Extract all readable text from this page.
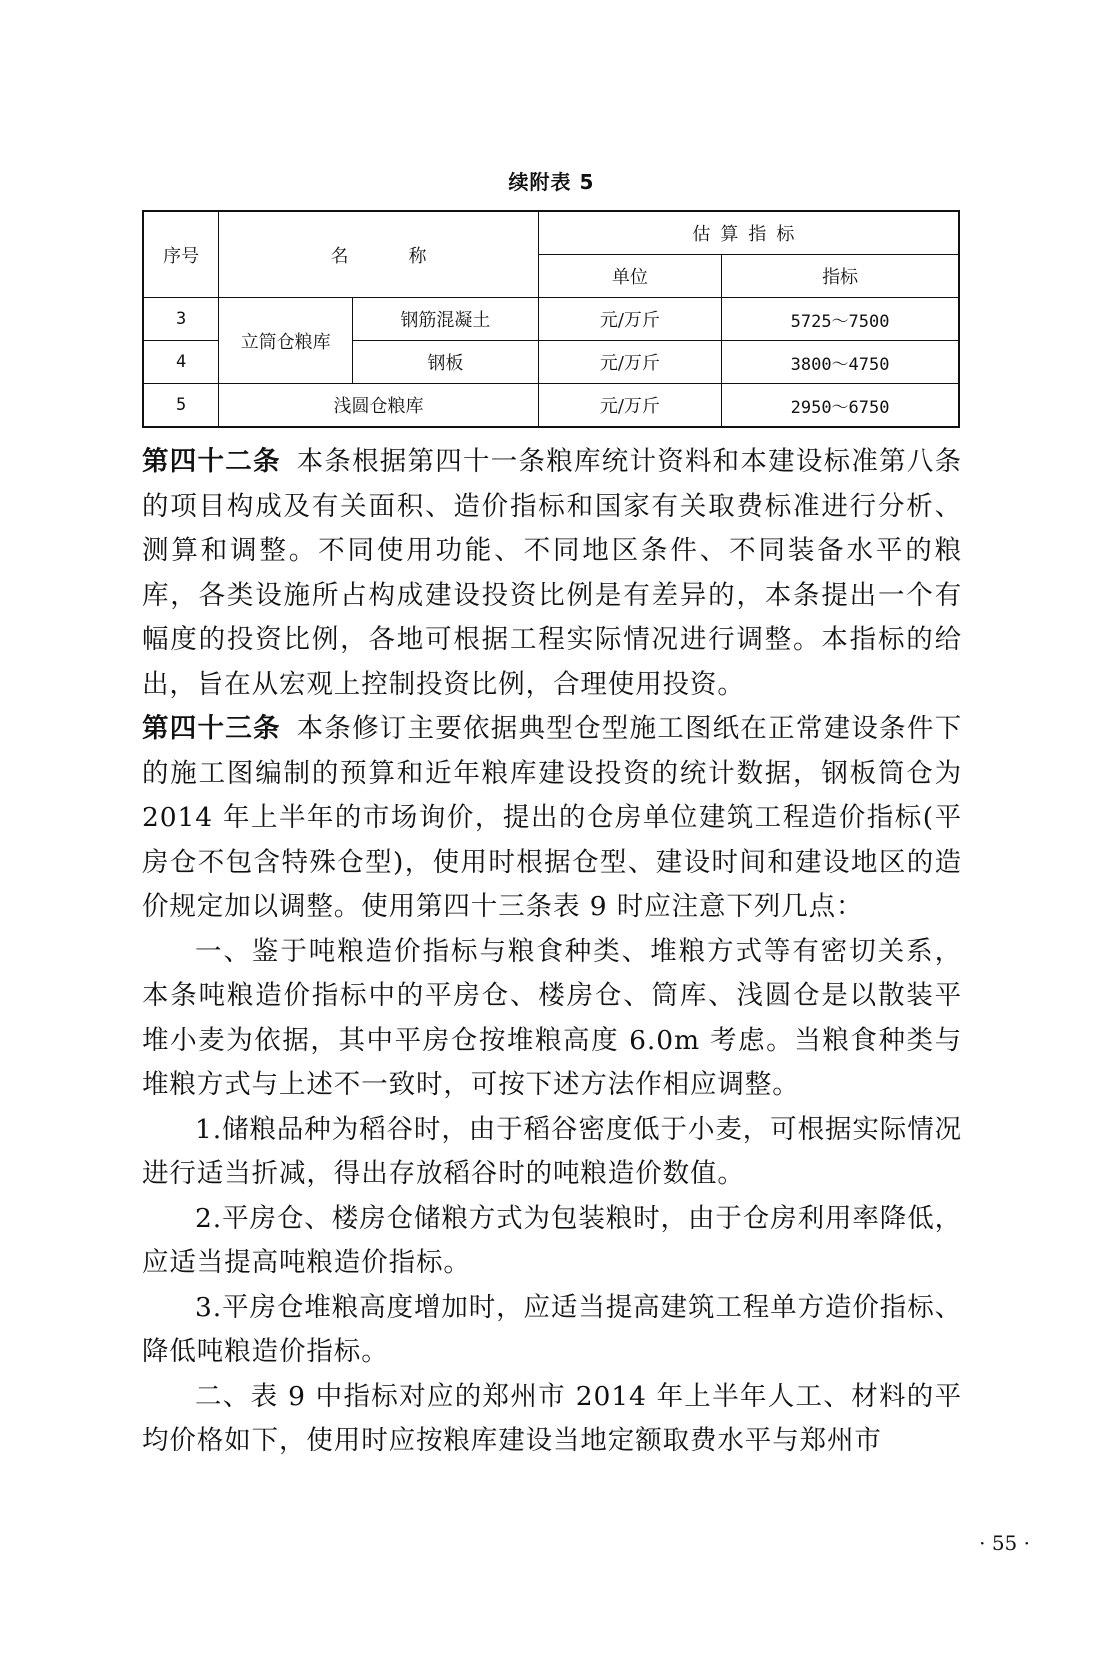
续附表 5
序号	名称		估算指标	
			单位	指标
3	立筒仓粮库	钢筋混凝土	元/万斤	5725～7500
4		钢板	元/万斤	3800～4750
5	浅圆仓粮库		元/万斤	2950～6750

第四十二条 本条根据第四十一条粮库统计资料和本建设标准第八条的项目构成及有关面积、造价指标和国家有关取费标准进行分析、测算和调整。不同使用功能、不同地区条件、不同装备水平的粮库，各类设施所占构成建设投资比例是有差异的，本条提出一个有幅度的投资比例，各地可根据工程实际情况进行调整。本指标的给出，旨在从宏观上控制投资比例，合理使用投资。

第四十三条 本条修订主要依据典型仓型施工图纸在正常建设条件下的施工图编制的预算和近年粮库建设投资的统计数据，钢板筒仓为 2014 年上半年的市场询价，提出的仓房单位建筑工程造价指标(平房仓不包含特殊仓型)，使用时根据仓型、建设时间和建设地区的造价规定加以调整。使用第四十三条表 9 时应注意下列几点：

一、鉴于吨粮造价指标与粮食种类、堆粮方式等有密切关系，本条吨粮造价指标中的平房仓、楼房仓、筒库、浅圆仓是以散装平堆小麦为依据，其中平房仓按堆粮高度 6.0m 考虑。当粮食种类与堆粮方式与上述不一致时，可按下述方法作相应调整。

1.储粮品种为稻谷时，由于稻谷密度低于小麦，可根据实际情况进行适当折减，得出存放稻谷时的吨粮造价数值。

2.平房仓、楼房仓储粮方式为包装粮时，由于仓房利用率降低，应适当提高吨粮造价指标。

3.平房仓堆粮高度增加时，应适当提高建筑工程单方造价指标、降低吨粮造价指标。

二、表 9 中指标对应的郑州市 2014 年上半年人工、材料的平均价格如下，使用时应按粮库建设当地定额取费水平与郑州市

· 55 ·
